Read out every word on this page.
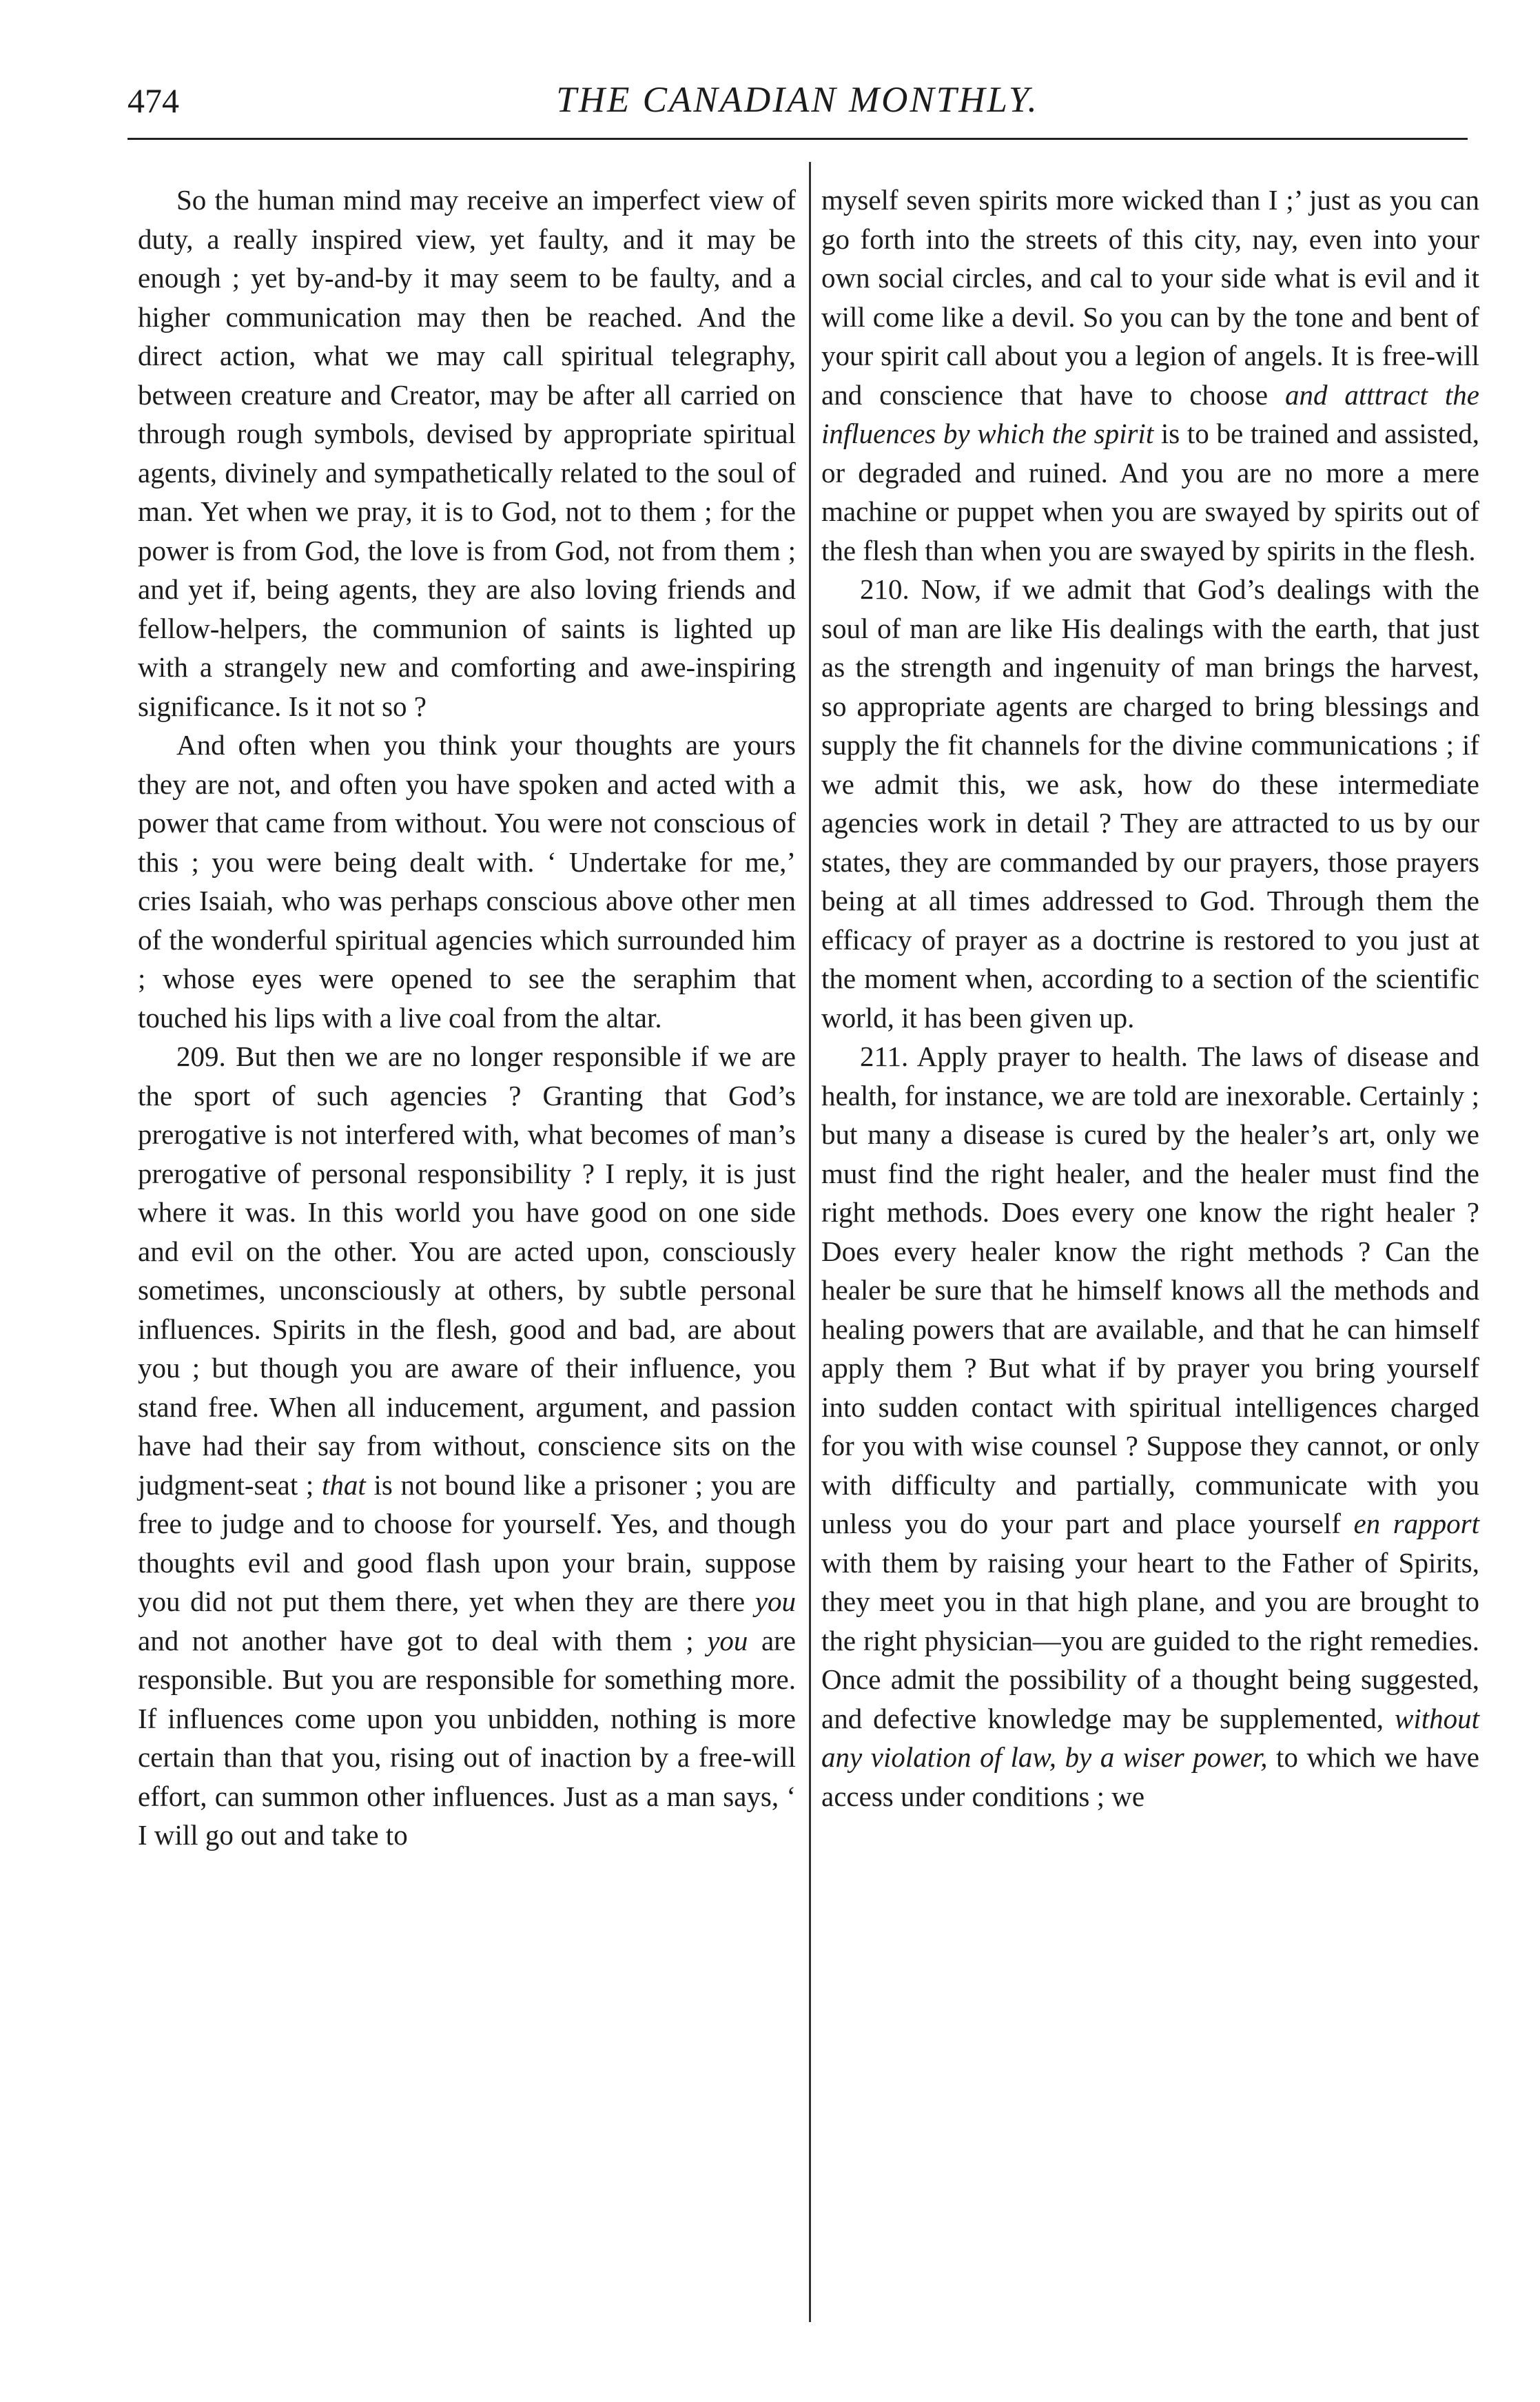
474	THE CANADIAN MONTHLY.

So the human mind may receive an imperfect view of duty, a really inspired view, yet faulty, and it may be enough ; yet by-and-by it may seem to be faulty, and a higher communication may then be reached. And the direct action, what we may call spiritual telegraphy, between creature and Creator, may be after all carried on through rough symbols, devised by appropriate spiritual agents, divinely and sympathetically related to the soul of man. Yet when we pray, it is to God, not to them ; for the power is from God, the love is from God, not from them ; and yet if, being agents, they are also loving friends and fellow-helpers, the communion of saints is lighted up with a strangely new and comforting and awe-inspiring significance. Is it not so ?

And often when you think your thoughts are yours they are not, and often you have spoken and acted with a power that came from without. You were not conscious of this ; you were being dealt with. ‘ Undertake for me,’ cries Isaiah, who was perhaps conscious above other men of the wonderful spiritual agencies which surrounded him ; whose eyes were opened to see the seraphim that touched his lips with a live coal from the altar.

209. But then we are no longer responsible if we are the sport of such agencies ? Granting that God’s prerogative is not interfered with, what becomes of man’s prerogative of personal responsibility ? I reply, it is just where it was. In this world you have good on one side and evil on the other. You are acted upon, consciously sometimes, unconsciously at others, by subtle personal influences. Spirits in the flesh, good and bad, are about you ; but though you are aware of their influence, you stand free. When all inducement, argument, and passion have had their say from without, conscience sits on the judgment-seat ; that is not bound like a prisoner ; you are free to judge and to choose for yourself. Yes, and though thoughts evil and good flash upon your brain, suppose you did not put them there, yet when they are there you and not another have got to deal with them ; you are responsible. But you are responsible for something more. If influences come upon you unbidden, nothing is more certain than that you, rising out of inaction by a free-will effort, can summon other influences. Just as a man says, ‘ I will go out and take to

myself seven spirits more wicked than I ;’ just as you can go forth into the streets of this city, nay, even into your own social circles, and cal to your side what is evil and it will come like a devil. So you can by the tone and bent of your spirit call about you a legion of angels. It is free-will and conscience that have to choose and atttract the influences by which the spirit is to be trained and assisted, or degraded and ruined. And you are no more a mere machine or puppet when you are swayed by spirits out of the flesh than when you are swayed by spirits in the flesh.

210. Now, if we admit that God’s dealings with the soul of man are like His dealings with the earth, that just as the strength and ingenuity of man brings the harvest, so appropriate agents are charged to bring blessings and supply the fit channels for the divine communications ; if we admit this, we ask, how do these intermediate agencies work in detail ? They are attracted to us by our states, they are commanded by our prayers, those prayers being at all times addressed to God. Through them the efficacy of prayer as a doctrine is restored to you just at the moment when, according to a section of the scientific world, it has been given up.

211. Apply prayer to health. The laws of disease and health, for instance, we are told are inexorable. Certainly ; but many a disease is cured by the healer’s art, only we must find the right healer, and the healer must find the right methods. Does every one know the right healer ? Does every healer know the right methods ? Can the healer be sure that he himself knows all the methods and healing powers that are available, and that he can himself apply them ? But what if by prayer you bring yourself into sudden contact with spiritual intelligences charged for you with wise counsel ? Suppose they cannot, or only with difficulty and partially, communicate with you unless you do your part and place yourself en rapport with them by raising your heart to the Father of Spirits, they meet you in that high plane, and you are brought to the right physician—you are guided to the right remedies. Once admit the possibility of a thought being suggested, and defective knowledge may be supplemented, without any violation of law, by a wiser power, to which we have access under conditions ; we
